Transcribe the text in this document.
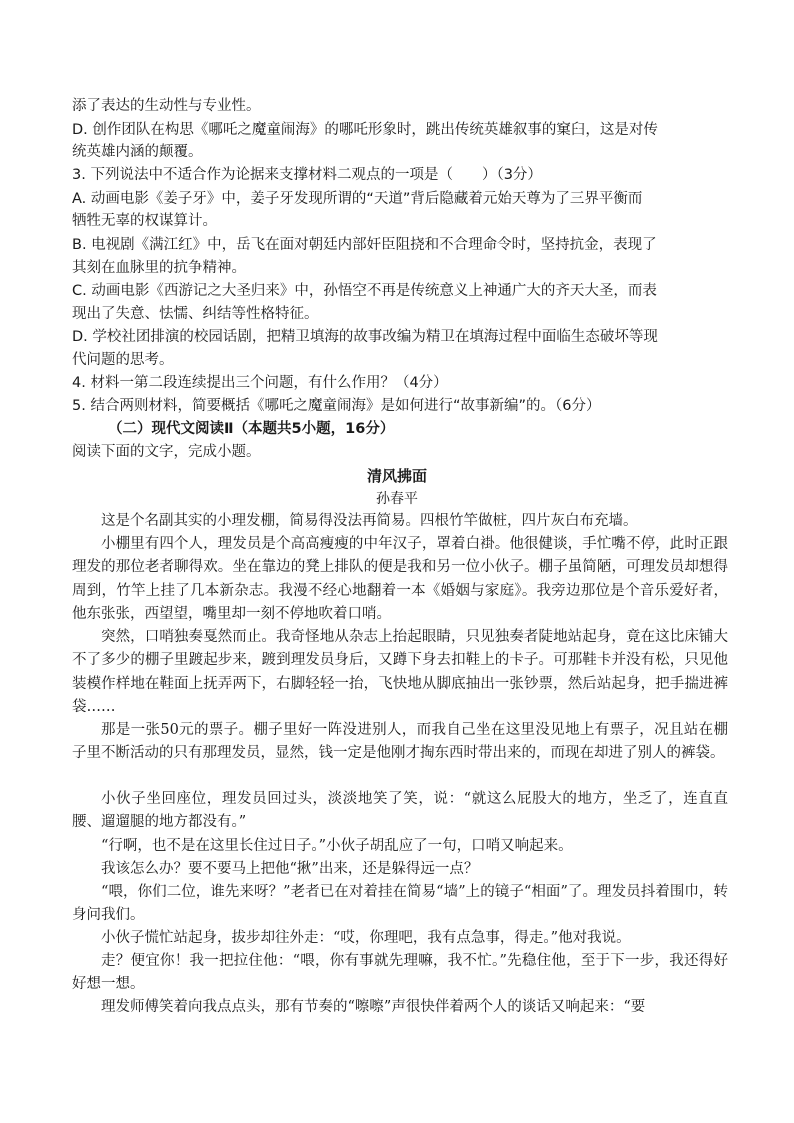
添了表达的生动性与专业性。

D. 创作团队在构思《哪吒之魔童闹海》的哪吒形象时，跳出传统英雄叙事的窠臼，这是对传

统英雄内涵的颠覆。

3. 下列说法中不适合作为论据来支撑材料二观点的一项是（　　）（3分）

A. 动画电影《姜子牙》中，姜子牙发现所谓的“天道”背后隐藏着元始天尊为了三界平衡而

牺牲无辜的权谋算计。

B. 电视剧《满江红》中，岳飞在面对朝廷内部奸臣阻挠和不合理命令时，坚持抗金，表现了

其刻在血脉里的抗争精神。

C. 动画电影《西游记之大圣归来》中，孙悟空不再是传统意义上神通广大的齐天大圣，而表

现出了失意、怯懦、纠结等性格特征。

D. 学校社团排演的校园话剧，把精卫填海的故事改编为精卫在填海过程中面临生态破坏等现

代问题的思考。

4. 材料一第二段连续提出三个问题，有什么作用？（4分）

5. 结合两则材料，简要概括《哪吒之魔童闹海》是如何进行“故事新编”的。（6分）

（二）现代文阅读Ⅱ（本题共5小题，16分）

阅读下面的文字，完成小题。

清风拂面

孙春平

这是个名副其实的小理发棚，简易得没法再简易。四根竹竿做桩，四片灰白布充墙。

小棚里有四个人，理发员是个高高瘦瘦的中年汉子，罩着白褂。他很健谈，手忙嘴不停，此时正跟理发的那位老者聊得欢。坐在靠边的凳上排队的便是我和另一位小伙子。棚子虽简陋，可理发员却想得周到，竹竿上挂了几本新杂志。我漫不经心地翻着一本《婚姻与家庭》。我旁边那位是个音乐爱好者，他东张张，西望望，嘴里却一刻不停地吹着口哨。

突然，口哨独奏戛然而止。我奇怪地从杂志上抬起眼睛，只见独奏者陡地站起身，竟在这比床铺大不了多少的棚子里踱起步来，踱到理发员身后，又蹲下身去扣鞋上的卡子。可那鞋卡并没有松，只见他装模作样地在鞋面上抚弄两下，右脚轻轻一抬，飞快地从脚底抽出一张钞票，然后站起身，把手揣进裤袋……

那是一张50元的票子。棚子里好一阵没进别人，而我自己坐在这里没见地上有票子，况且站在棚子里不断活动的只有那理发员，显然，钱一定是他刚才掏东西时带出来的，而现在却进了别人的裤袋。

小伙子坐回座位，理发员回过头，淡淡地笑了笑，说：“就这么屁股大的地方，坐乏了，连直直腰、遛遛腿的地方都没有。”

“行啊，也不是在这里长住过日子。”小伙子胡乱应了一句，口哨又响起来。

我该怎么办？要不要马上把他“揪”出来，还是躲得远一点？

“喂，你们二位，谁先来呀？”老者已在对着挂在简易“墙”上的镜子“相面”了。理发员抖着围巾，转身问我们。

小伙子慌忙站起身，拔步却往外走：“哎，你理吧，我有点急事，得走。”他对我说。

走？便宜你！我一把拉住他：“喂，你有事就先理嘛，我不忙。”先稳住他，至于下一步，我还得好好想一想。

理发师傅笑着向我点点头，那有节奏的“嚓嚓”声很快伴着两个人的谈话又响起来：“要
